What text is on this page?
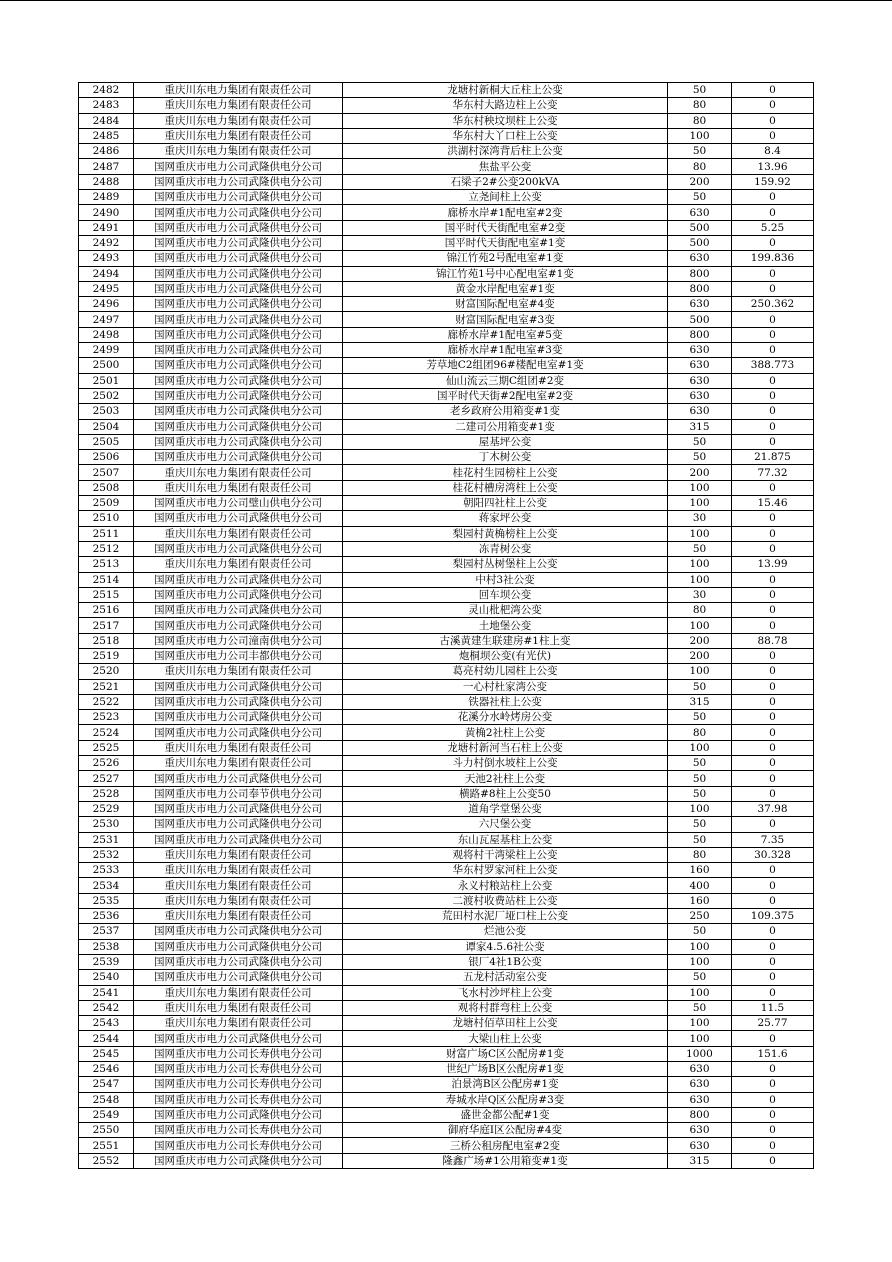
2482	重庆川东电力集团有限责任公司	龙塘村新桐大丘柱上公变	50	0
2483	重庆川东电力集团有限责任公司	华东村大路边柱上公变	80	0
2484	重庆川东电力集团有限责任公司	华东村秧坟坝柱上公变	80	0
2485	重庆川东电力集团有限责任公司	华东村大丫口柱上公变	100	0
2486	重庆川东电力集团有限责任公司	洪湖村深湾背后柱上公变	50	8.4
2487	国网重庆市电力公司武隆供电分公司	焦盐平公变	80	13.96
2488	国网重庆市电力公司武隆供电分公司	石梁子2#公变200kVA	200	159.92
2489	国网重庆市电力公司武隆供电分公司	立尧间柱上公变	50	0
2490	国网重庆市电力公司武隆供电分公司	廊桥水岸#1配电室#2变	630	0
2491	国网重庆市电力公司武隆供电分公司	国平时代天街配电室#2变	500	5.25
2492	国网重庆市电力公司武隆供电分公司	国平时代天街配电室#1变	500	0
2493	国网重庆市电力公司武隆供电分公司	锦江竹苑2号配电室#1变	630	199.836
2494	国网重庆市电力公司武隆供电分公司	锦江竹苑1号中心配电室#1变	800	0
2495	国网重庆市电力公司武隆供电分公司	黄金水岸配电室#1变	800	0
2496	国网重庆市电力公司武隆供电分公司	财富国际配电室#4变	630	250.362
2497	国网重庆市电力公司武隆供电分公司	财富国际配电室#3变	500	0
2498	国网重庆市电力公司武隆供电分公司	廊桥水岸#1配电室#5变	800	0
2499	国网重庆市电力公司武隆供电分公司	廊桥水岸#1配电室#3变	630	0
2500	国网重庆市电力公司武隆供电分公司	芳草地C2组团96#楼配电室#1变	630	388.773
2501	国网重庆市电力公司武隆供电分公司	仙山流云三期C组团#2变	630	0
2502	国网重庆市电力公司武隆供电分公司	国平时代天街#2配电室#2变	630	0
2503	国网重庆市电力公司武隆供电分公司	老乡政府公用箱变#1变	630	0
2504	国网重庆市电力公司武隆供电分公司	二建司公用箱变#1变	315	0
2505	国网重庆市电力公司武隆供电分公司	屋基坪公变	50	0
2506	国网重庆市电力公司武隆供电分公司	丁木树公变	50	21.875
2507	重庆川东电力集团有限责任公司	桂花村生园榜柱上公变	200	77.32
2508	重庆川东电力集团有限责任公司	桂花村槽房湾柱上公变	100	0
2509	国网重庆市电力公司璧山供电分公司	朝阳四社柱上公变	100	15.46
2510	国网重庆市电力公司武隆供电分公司	蒋家坪公变	30	0
2511	重庆川东电力集团有限责任公司	梨园村黄桷榜柱上公变	100	0
2512	国网重庆市电力公司武隆供电分公司	冻青树公变	50	0
2513	重庆川东电力集团有限责任公司	梨园村丛树堡柱上公变	100	13.99
2514	国网重庆市电力公司武隆供电分公司	中村3社公变	100	0
2515	国网重庆市电力公司武隆供电分公司	回车坝公变	30	0
2516	国网重庆市电力公司武隆供电分公司	灵山枇杷湾公变	80	0
2517	国网重庆市电力公司武隆供电分公司	土地堡公变	100	0
2518	国网重庆市电力公司潼南供电分公司	古溪黄建生联建房#1柱上变	200	88.78
2519	国网重庆市电力公司丰都供电分公司	炮桐坝公变(有光伏)	200	0
2520	重庆川东电力集团有限责任公司	葛亮村幼儿园柱上公变	100	0
2521	国网重庆市电力公司武隆供电分公司	一心村杜家湾公变	50	0
2522	国网重庆市电力公司武隆供电分公司	铁器社柱上公变	315	0
2523	国网重庆市电力公司武隆供电分公司	花溪分水岭烤房公变	50	0
2524	国网重庆市电力公司武隆供电分公司	黄桷2社柱上公变	80	0
2525	重庆川东电力集团有限责任公司	龙塘村新河当石柱上公变	100	0
2526	重庆川东电力集团有限责任公司	斗力村倒水坡柱上公变	50	0
2527	国网重庆市电力公司武隆供电分公司	天池2社柱上公变	50	0
2528	国网重庆市电力公司奉节供电分公司	横路#8柱上公变50	50	0
2529	国网重庆市电力公司武隆供电分公司	道角学堂堡公变	100	37.98
2530	国网重庆市电力公司武隆供电分公司	六尺堡公变	50	0
2531	国网重庆市电力公司武隆供电分公司	东山瓦屋基柱上公变	50	7.35
2532	重庆川东电力集团有限责任公司	观将村干湾梁柱上公变	80	30.328
2533	重庆川东电力集团有限责任公司	华东村罗家河柱上公变	160	0
2534	重庆川东电力集团有限责任公司	永义村粮站柱上公变	400	0
2535	重庆川东电力集团有限责任公司	二渡村收费站柱上公变	160	0
2536	重庆川东电力集团有限责任公司	荒田村水泥厂垭口柱上公变	250	109.375
2537	国网重庆市电力公司武隆供电分公司	烂池公变	50	0
2538	国网重庆市电力公司武隆供电分公司	谭家4.5.6社公变	100	0
2539	国网重庆市电力公司武隆供电分公司	银厂4社1B公变	100	0
2540	国网重庆市电力公司武隆供电分公司	五龙村活动室公变	50	0
2541	重庆川东电力集团有限责任公司	飞水村沙坪柱上公变	100	0
2542	重庆川东电力集团有限责任公司	观将村群弯柱上公变	50	11.5
2543	重庆川东电力集团有限责任公司	龙塘村佰草田柱上公变	100	25.77
2544	国网重庆市电力公司武隆供电分公司	大梁山柱上公变	100	0
2545	国网重庆市电力公司长寿供电分公司	财富广场C区公配房#1变	1000	151.6
2546	国网重庆市电力公司长寿供电分公司	世纪广场B区公配房#1变	630	0
2547	国网重庆市电力公司长寿供电分公司	泊景湾B区公配房#1变	630	0
2548	国网重庆市电力公司长寿供电分公司	寿城水岸Q区公配房#3变	630	0
2549	国网重庆市电力公司武隆供电分公司	盛世金都公配#1变	800	0
2550	国网重庆市电力公司长寿供电分公司	御府华庭I区公配房#4变	630	0
2551	国网重庆市电力公司长寿供电分公司	三桥公租房配电室#2变	630	0
2552	国网重庆市电力公司武隆供电分公司	隆鑫广场#1公用箱变#1变	315	0
